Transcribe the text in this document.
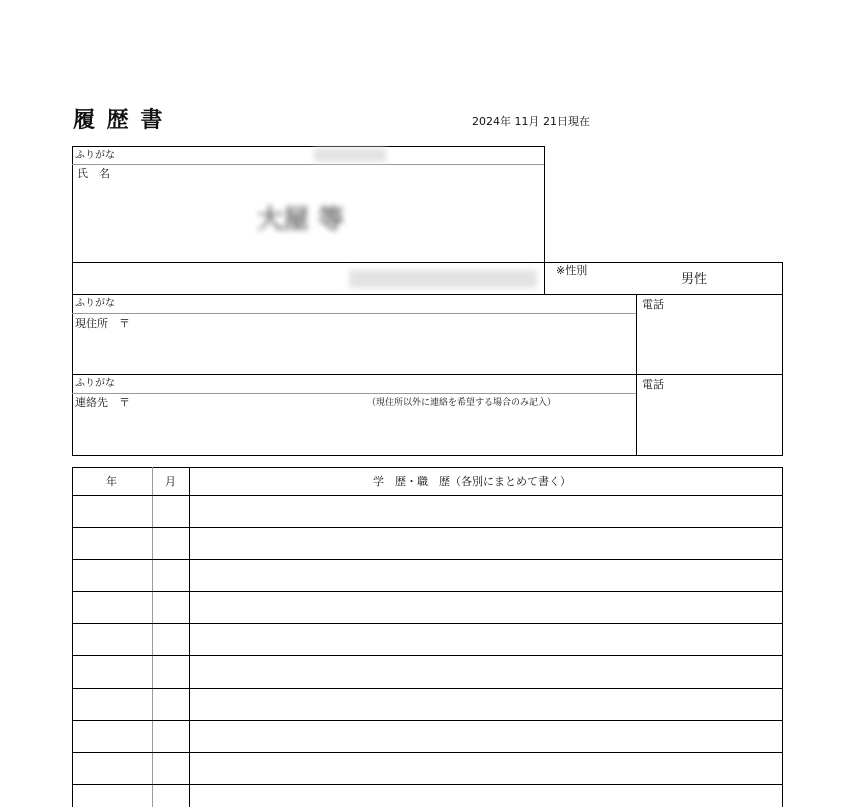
履 歴 書	2024年 11月 21日現在
ふりがな
氏　名
大屋 等
※性別
男性
ふりがな
現住所　〒
電話
ふりがな
連絡先　〒	（現住所以外に連絡を希望する場合のみ記入）
電話
年	月	学　歴・職　歴（各別にまとめて書く）
